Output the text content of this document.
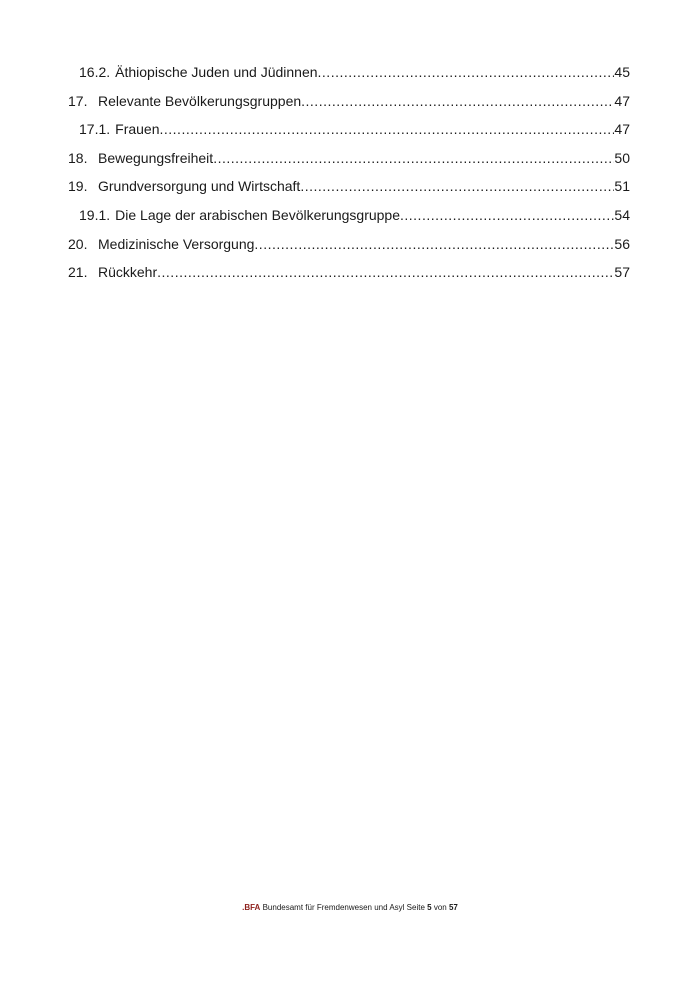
16.2. Äthiopische Juden und Jüdinnen .....	45
17. Relevante Bevölkerungsgruppen .....	47
17.1. Frauen .....	47
18. Bewegungsfreiheit .....	50
19. Grundversorgung und Wirtschaft .....	51
19.1. Die Lage der arabischen Bevölkerungsgruppe .....	54
20. Medizinische Versorgung .....	56
21. Rückkehr .....	57
.BFA Bundesamt für Fremdenwesen und Asyl Seite 5 von 57
